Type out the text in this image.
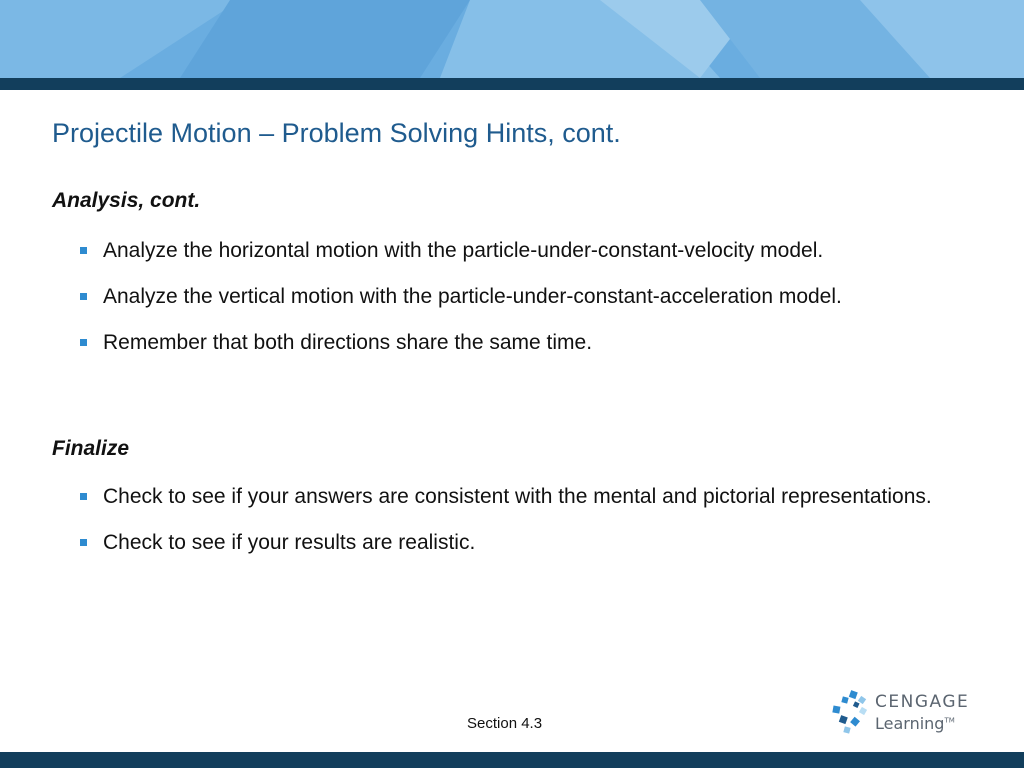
Projectile Motion – Problem Solving Hints, cont.
Analysis, cont.
Analyze the horizontal motion with the particle-under-constant-velocity model.
Analyze the vertical motion with the particle-under-constant-acceleration model.
Remember that both directions share the same time.
Finalize
Check to see if your answers are consistent with the mental and pictorial representations.
Check to see if your results are realistic.
Section 4.3
CENGAGE
Learning™
